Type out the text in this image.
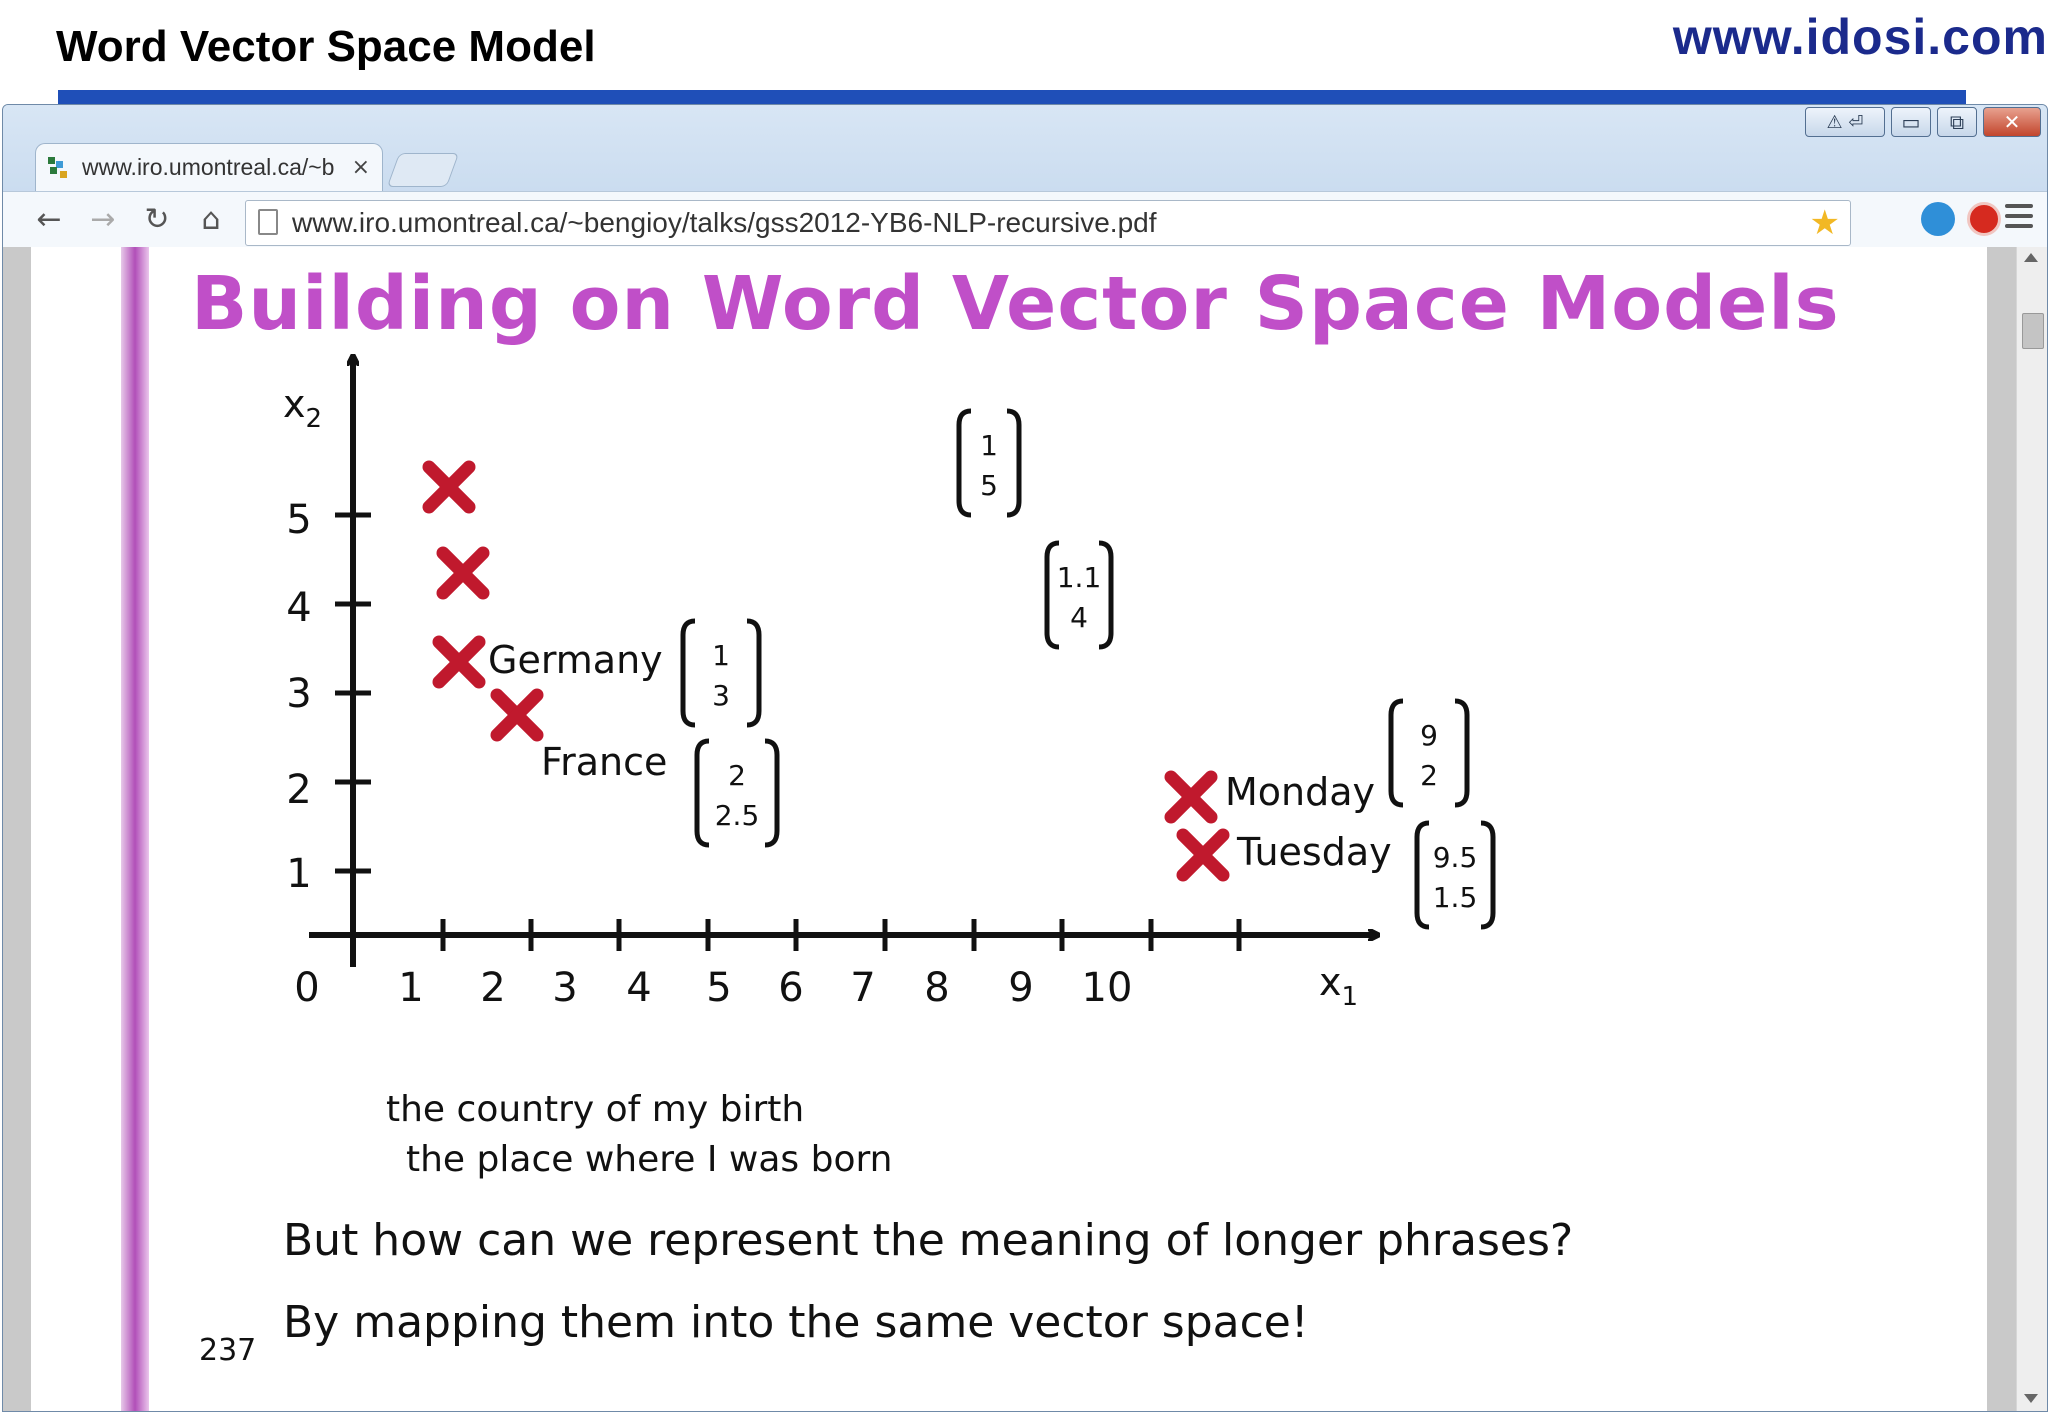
Word Vector Space Model	www.idosi.com
⚠ ⏎	▭	⧉	✕
www.iro.umontreal.ca/~b ×
← → ↻ ⌂	www.iro.umontreal.ca/~bengioy/talks/gss2012-YB6-NLP-recursive.pdf	★
Building on Word Vector Space Models
1 2 3 4 5 6 7 8 9 10
1
2
3
4
5
0	$x_1$
$x_2$
1
5
1.1
4
Germany 1
3
France 2
2.5
Monday
9
2
Tuesday 9.5
1.5
the country of my birth
the place where I was born
But how can we represent the meaning of longer phrases?
237
By mapping them into the same vector space!
